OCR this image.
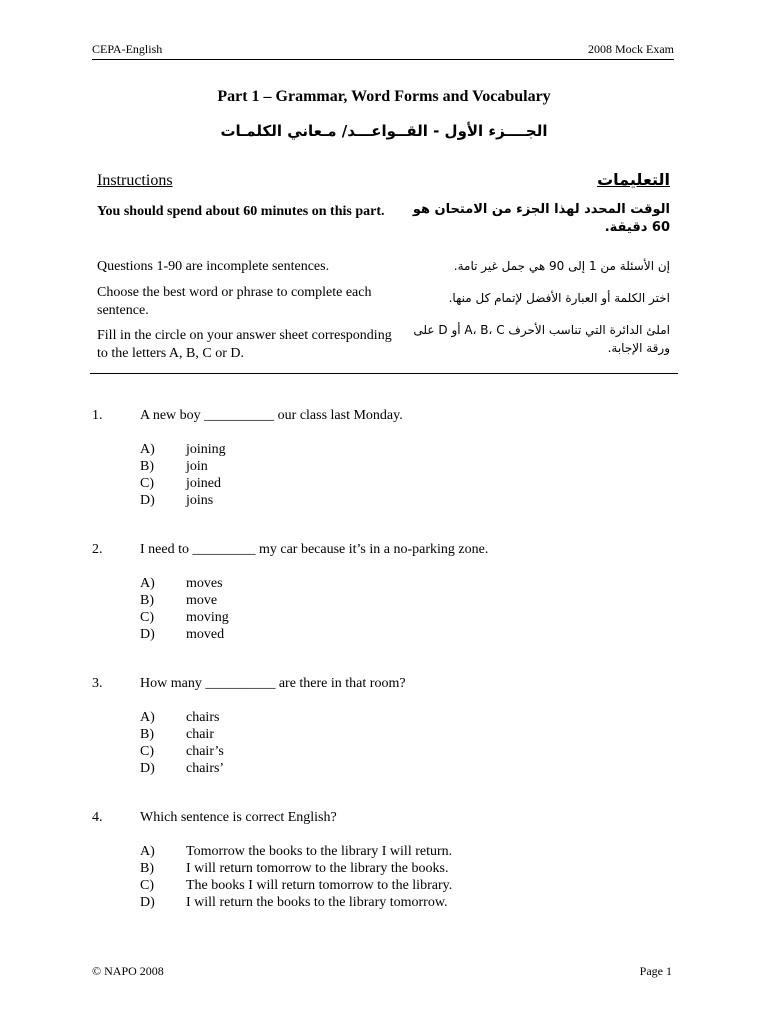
CEPA-English	2008 Mock Exam
Part 1 – Grammar, Word Forms and Vocabulary
الجــــزء الأول - القــواعـــد/ مـعاني الكلمـات
Instructions	التعليمات
You should spend about 60 minutes on this part.	الوقت المحدد لهذا الجزء من الامتحان هو 60 دقيقة.
Questions 1-90 are incomplete sentences.	إن الأسئلة من 1 إلى 90 هي جمل غير تامة.
Choose the best word or phrase to complete each sentence.
اختر الكلمة أو العبارة الأفضل لإتمام كل منها.
Fill in the circle on your answer sheet corresponding to the letters A, B, C or D.
املئ الدائرة التي تناسب الأحرف A، B، C أو D على ورقة الإجابة.
1.	A new boy __________ our class last Monday.
A) joining
B) join
C) joined
D) joins
2.	I need to _________ my car because it’s in a no-parking zone.
A) moves
B) move
C) moving
D) moved
3.	How many __________ are there in that room?
A) chairs
B) chair
C) chair’s
D) chairs’
4.	Which sentence is correct English?
A) Tomorrow the books to the library I will return.
B) I will return tomorrow to the library the books.
C) The books I will return tomorrow to the library.
D) I will return the books to the library tomorrow.
© NAPO 2008	Page 1
